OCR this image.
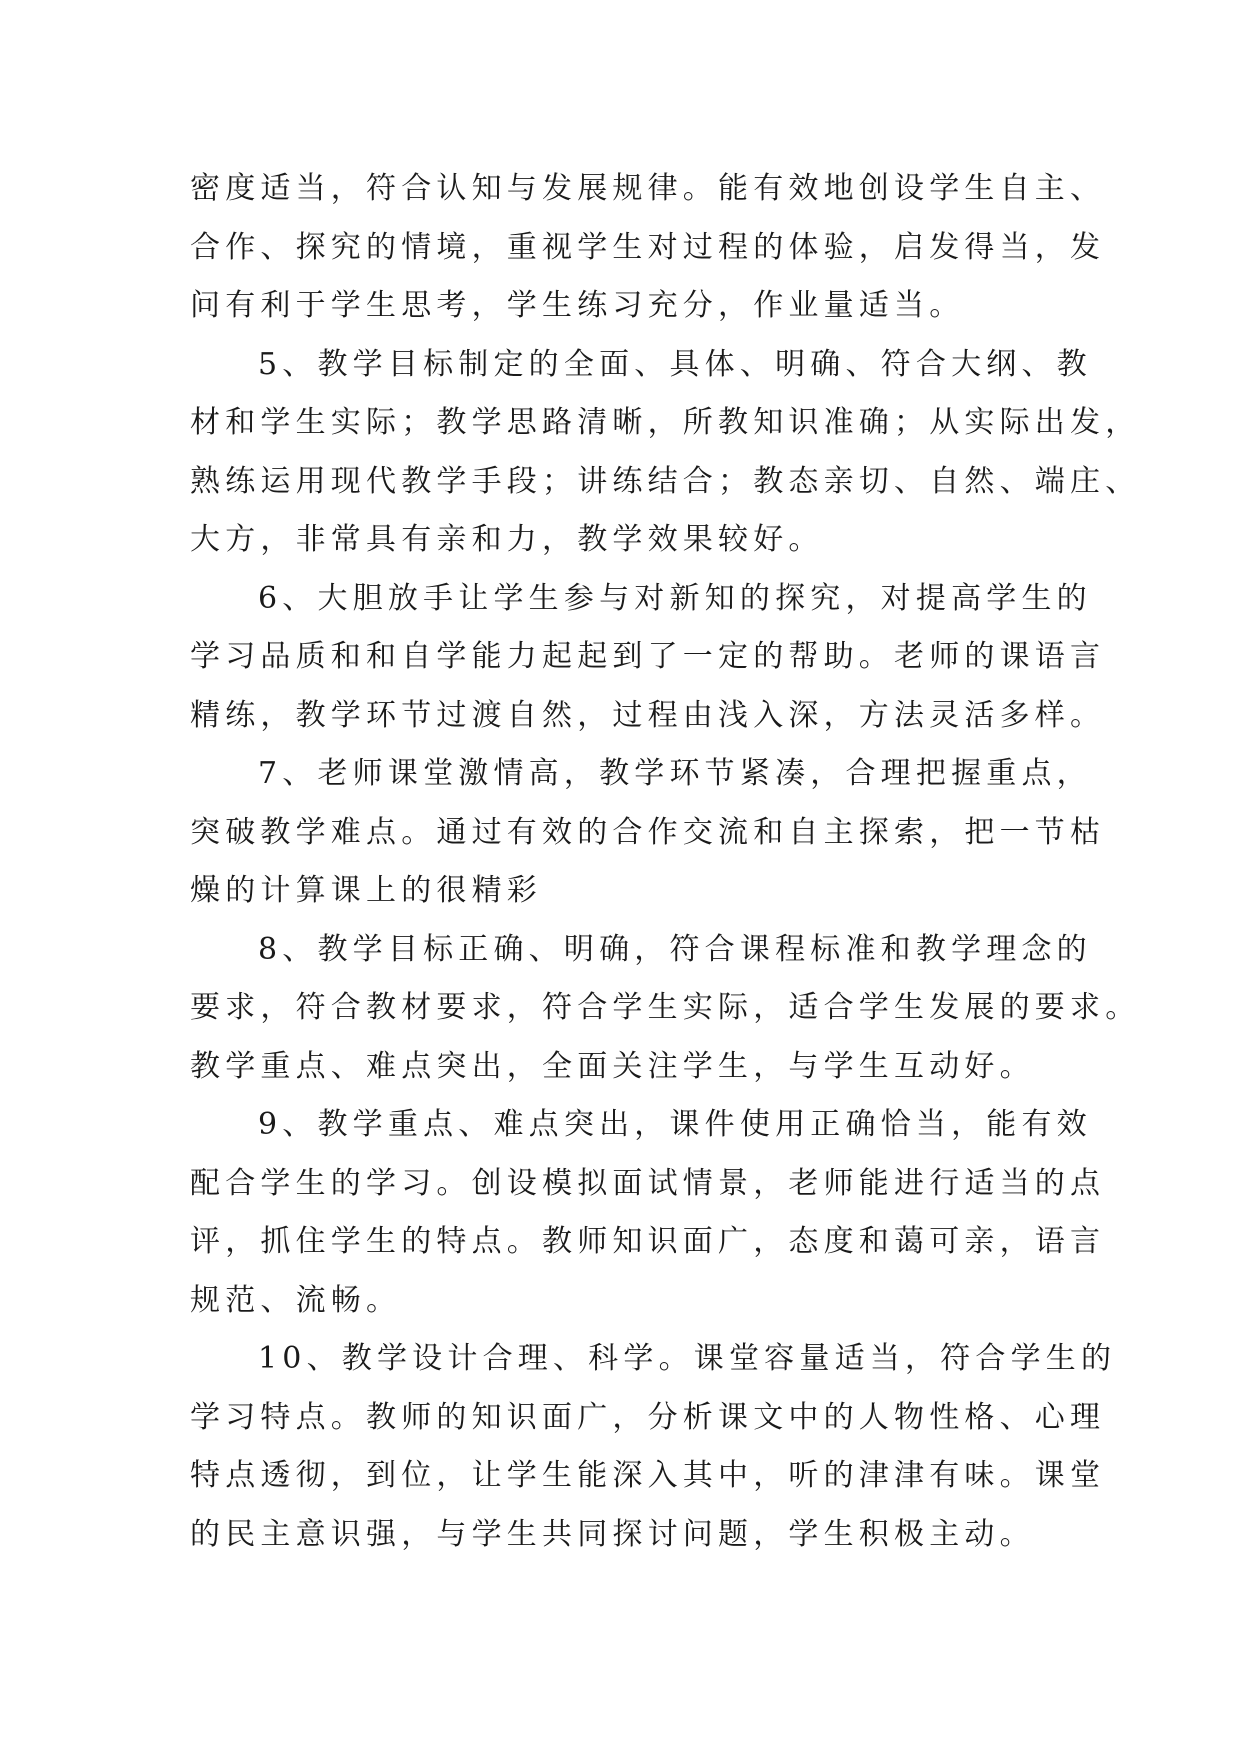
密度适当，符合认知与发展规律。能有效地创设学生自主、
合作、探究的情境，重视学生对过程的体验，启发得当，发
问有利于学生思考，学生练习充分，作业量适当。

5、教学目标制定的全面、具体、明确、符合大纲、教
材和学生实际；教学思路清晰，所教知识准确；从实际出发，
熟练运用现代教学手段；讲练结合；教态亲切、自然、端庄、
大方，非常具有亲和力，教学效果较好。

6、大胆放手让学生参与对新知的探究，对提高学生的
学习品质和和自学能力起起到了一定的帮助。老师的课语言
精练，教学环节过渡自然，过程由浅入深，方法灵活多样。

7、老师课堂激情高，教学环节紧凑，合理把握重点，
突破教学难点。通过有效的合作交流和自主探索，把一节枯
燥的计算课上的很精彩

8、教学目标正确、明确，符合课程标准和教学理念的
要求，符合教材要求，符合学生实际，适合学生发展的要求。
教学重点、难点突出，全面关注学生，与学生互动好。

9、教学重点、难点突出，课件使用正确恰当，能有效
配合学生的学习。创设模拟面试情景，老师能进行适当的点
评，抓住学生的特点。教师知识面广，态度和蔼可亲，语言
规范、流畅。

10、教学设计合理、科学。课堂容量适当，符合学生的
学习特点。教师的知识面广，分析课文中的人物性格、心理
特点透彻，到位，让学生能深入其中，听的津津有味。课堂
的民主意识强，与学生共同探讨问题，学生积极主动。
